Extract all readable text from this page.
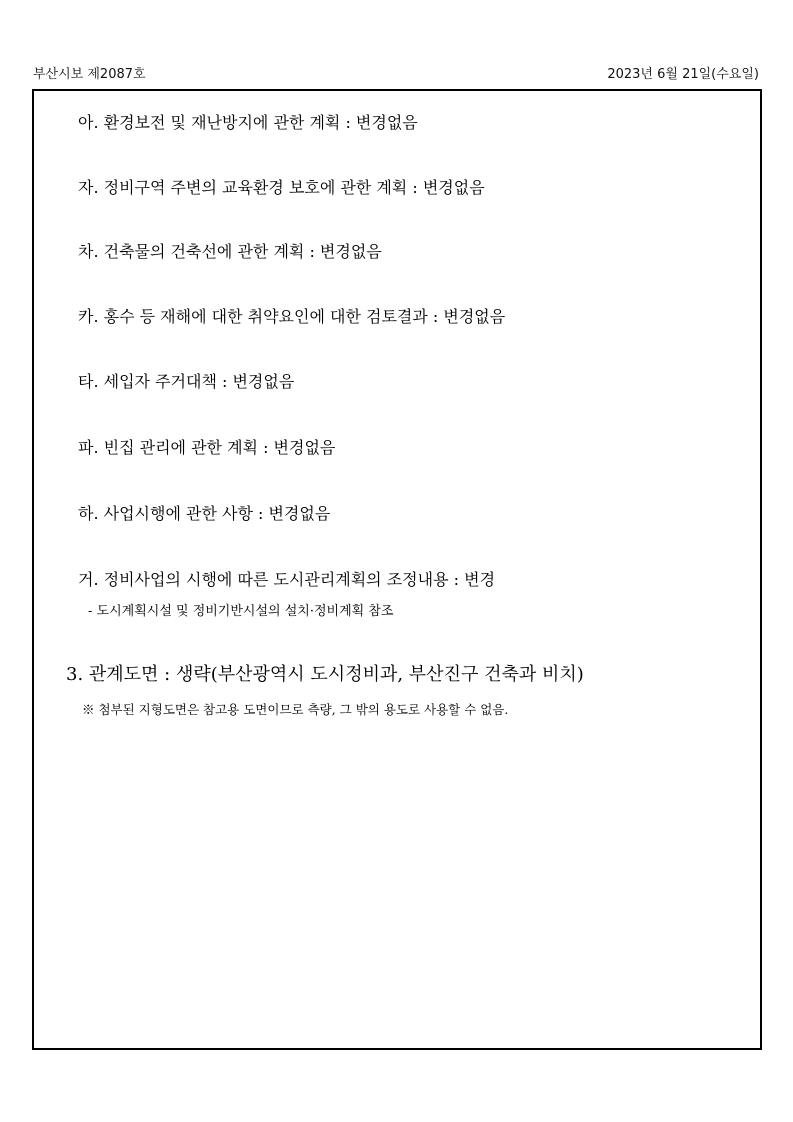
부산시보 제2087호	2023년 6월 21일(수요일)
아. 환경보전 및 재난방지에 관한 계획 : 변경없음
자. 정비구역 주변의 교육환경 보호에 관한 계획 : 변경없음
차. 건축물의 건축선에 관한 계획 : 변경없음
카. 홍수 등 재해에 대한 취약요인에 대한 검토결과 : 변경없음
타. 세입자 주거대책 : 변경없음
파. 빈집 관리에 관한 계획 : 변경없음
하. 사업시행에 관한 사항 : 변경없음
거. 정비사업의 시행에 따른 도시관리계획의 조정내용 : 변경
- 도시계획시설 및 정비기반시설의 설치·정비계획 참조
3. 관계도면 : 생략(부산광역시 도시정비과, 부산진구 건축과 비치)
※ 첨부된 지형도면은 참고용 도면이므로 측량, 그 밖의 용도로 사용할 수 없음.
